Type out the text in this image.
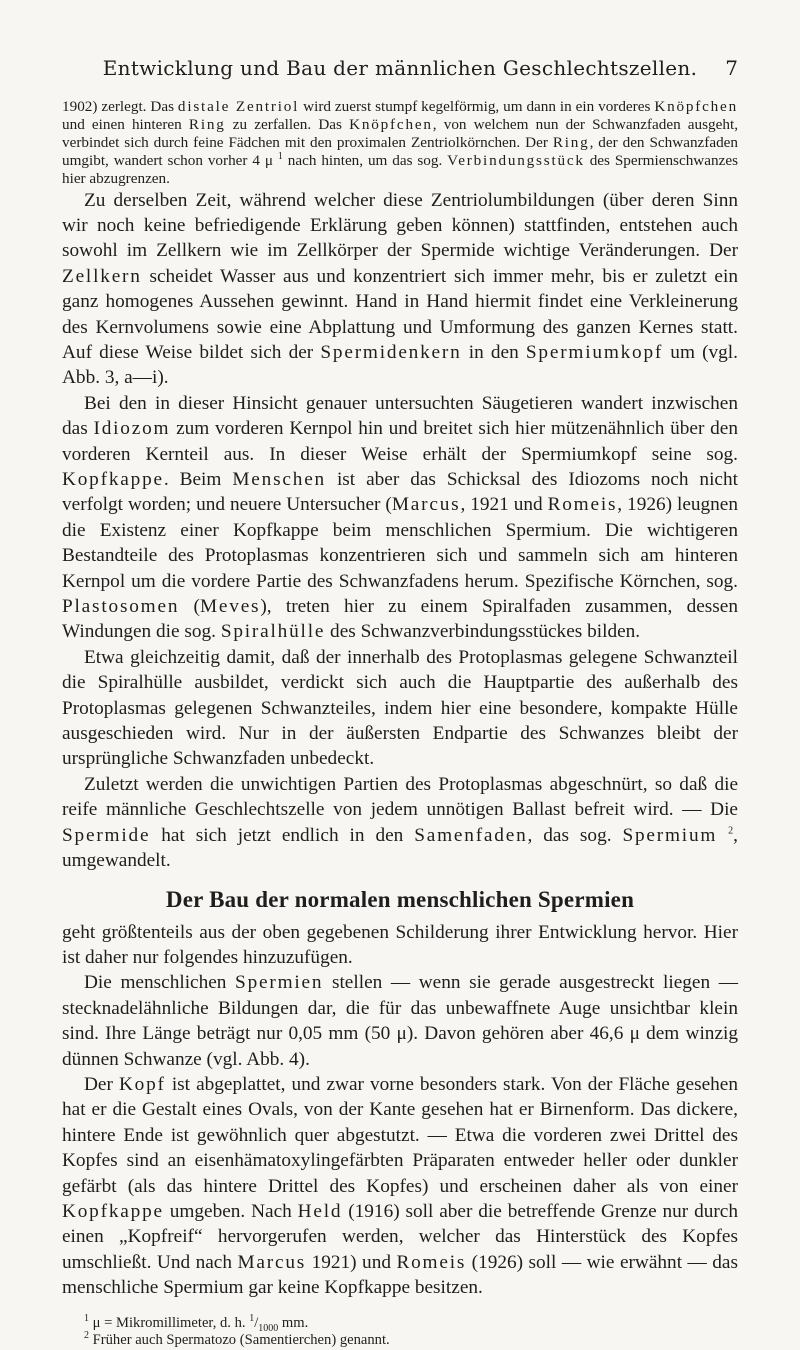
Entwicklung und Bau der männlichen Geschlechtszellen.	7

1902) zerlegt. Das distale Zentriol wird zuerst stumpf kegelförmig, um dann in ein vorderes Knöpfchen und einen hinteren Ring zu zerfallen. Das Knöpfchen, von welchem nun der Schwanzfaden ausgeht, verbindet sich durch feine Fädchen mit den proximalen Zentriolkörnchen. Der Ring, der den Schwanzfaden umgibt, wandert schon vorher 4 μ $^1$ nach hinten, um das sog. Verbindungsstück des Spermienschwanzes hier abzugrenzen.

Zu derselben Zeit, während welcher diese Zentriolumbildungen (über deren Sinn wir noch keine befriedigende Erklärung geben können) stattfinden, entstehen auch sowohl im Zellkern wie im Zellkörper der Spermide wichtige Veränderungen. Der Zellkern scheidet Wasser aus und konzentriert sich immer mehr, bis er zuletzt ein ganz homogenes Aussehen gewinnt. Hand in Hand hiermit findet eine Verkleinerung des Kernvolumens sowie eine Abplattung und Umformung des ganzen Kernes statt. Auf diese Weise bildet sich der Spermidenkern in den Spermiumkopf um (vgl. Abb. 3, a—i).

Bei den in dieser Hinsicht genauer untersuchten Säugetieren wandert inzwischen das Idiozom zum vorderen Kernpol hin und breitet sich hier mützenähnlich über den vorderen Kernteil aus. In dieser Weise erhält der Spermiumkopf seine sog. Kopfkappe. Beim Menschen ist aber das Schicksal des Idiozoms noch nicht verfolgt worden; und neuere Untersucher (Marcus, 1921 und Romeis, 1926) leugnen die Existenz einer Kopfkappe beim menschlichen Spermium. Die wichtigeren Bestandteile des Protoplasmas konzentrieren sich und sammeln sich am hinteren Kernpol um die vordere Partie des Schwanzfadens herum. Spezifische Körnchen, sog. Plastosomen (Meves), treten hier zu einem Spiralfaden zusammen, dessen Windungen die sog. Spiralhülle des Schwanzverbindungsstückes bilden.

Etwa gleichzeitig damit, daß der innerhalb des Protoplasmas gelegene Schwanzteil die Spiralhülle ausbildet, verdickt sich auch die Hauptpartie des außerhalb des Protoplasmas gelegenen Schwanzteiles, indem hier eine besondere, kompakte Hülle ausgeschieden wird. Nur in der äußersten Endpartie des Schwanzes bleibt der ursprüngliche Schwanzfaden unbedeckt.

Zuletzt werden die unwichtigen Partien des Protoplasmas abgeschnürt, so daß die reife männliche Geschlechtszelle von jedem unnötigen Ballast befreit wird. — Die Spermide hat sich jetzt endlich in den Samenfaden, das sog. Spermium $^2$, umgewandelt.

Der Bau der normalen menschlichen Spermien

geht größtenteils aus der oben gegebenen Schilderung ihrer Entwicklung hervor. Hier ist daher nur folgendes hinzuzufügen.

Die menschlichen Spermien stellen — wenn sie gerade ausgestreckt liegen — stecknadelähnliche Bildungen dar, die für das unbewaffnete Auge unsichtbar klein sind. Ihre Länge beträgt nur 0,05 mm (50 μ). Davon gehören aber 46,6 μ dem winzig dünnen Schwanze (vgl. Abb. 4).

Der Kopf ist abgeplattet, und zwar vorne besonders stark. Von der Fläche gesehen hat er die Gestalt eines Ovals, von der Kante gesehen hat er Birnenform. Das dickere, hintere Ende ist gewöhnlich quer abgestutzt. — Etwa die vorderen zwei Drittel des Kopfes sind an eisenhämatoxylingefärbten Präparaten entweder heller oder dunkler gefärbt (als das hintere Drittel des Kopfes) und erscheinen daher als von einer Kopfkappe umgeben. Nach Held (1916) soll aber die betreffende Grenze nur durch einen „Kopfreif“ hervorgerufen werden, welcher das Hinterstück des Kopfes umschließt. Und nach Marcus 1921) und Romeis (1926) soll — wie erwähnt — das menschliche Spermium gar keine Kopfkappe besitzen.

$^1$ μ = Mikromillimeter, d. h. $^1/_{1000}$ mm.

$^2$ Früher auch Spermatozo (Samentierchen) genannt.
